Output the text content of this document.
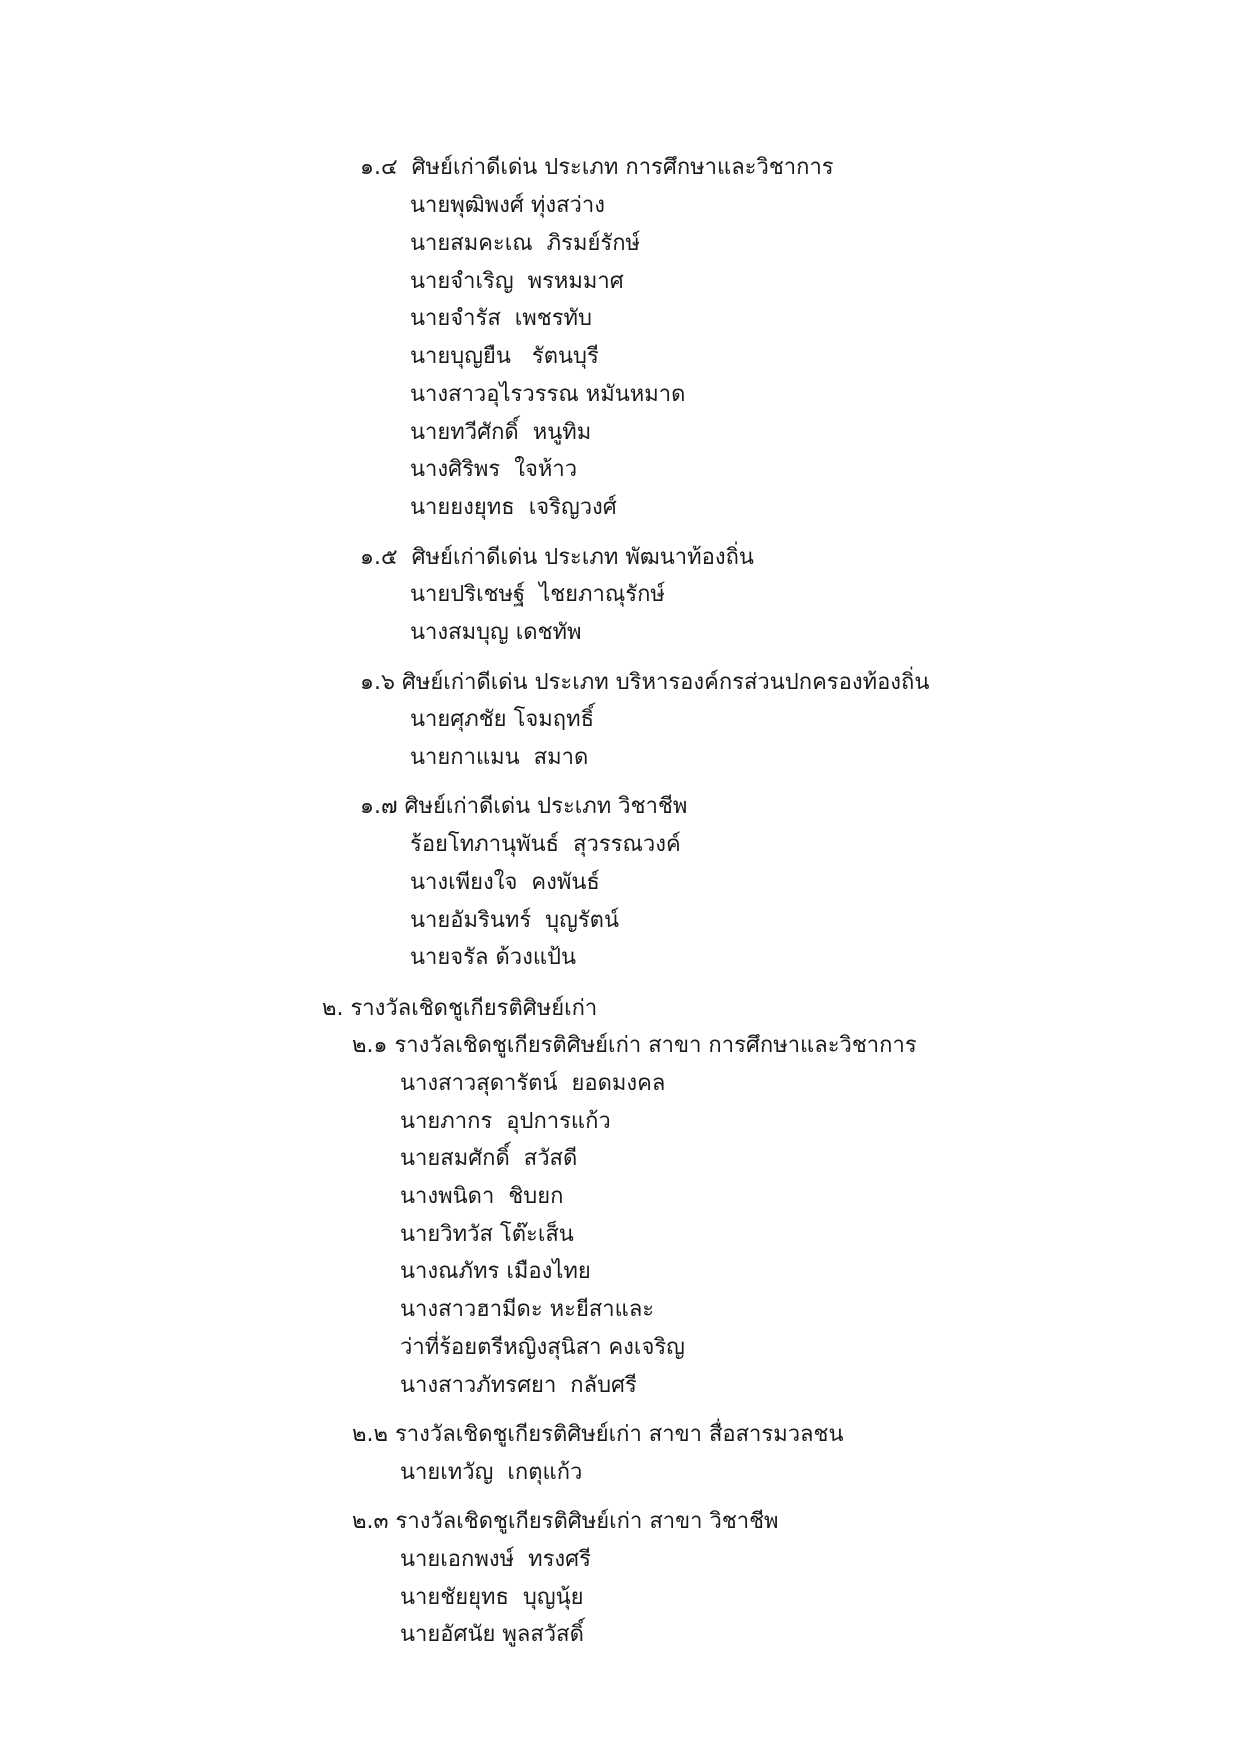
๑.๔  ศิษย์เก่าดีเด่น ประเภท การศึกษาและวิชาการ
นายพุฒิพงศ์ ทุ่งสว่าง
นายสมคะเณ  ภิรมย์รักษ์
นายจำเริญ  พรหมมาศ
นายจำรัส  เพชรทับ
นายบุญยืน   รัตนบุรี
นางสาวอุไรวรรณ หมันหมาด
นายทวีศักดิ์  หนูทิม
นางศิริพร  ใจห้าว
นายยงยุทธ  เจริญวงศ์
๑.๕  ศิษย์เก่าดีเด่น ประเภท พัฒนาท้องถิ่น
นายปริเชษฐ์  ไชยภาณุรักษ์
นางสมบุญ เดชทัพ
๑.๖ ศิษย์เก่าดีเด่น ประเภท บริหารองค์กรส่วนปกครองท้องถิ่น
นายศุภชัย โจมฤทธิ์
นายกาแมน  สมาด
๑.๗ ศิษย์เก่าดีเด่น ประเภท วิชาชีพ
ร้อยโทภานุพันธ์  สุวรรณวงค์
นางเพียงใจ  คงพันธ์
นายอัมรินทร์  บุญรัตน์
นายจรัล ด้วงแป้น
๒. รางวัลเชิดชูเกียรติศิษย์เก่า
๒.๑ รางวัลเชิดชูเกียรติศิษย์เก่า สาขา การศึกษาและวิชาการ
นางสาวสุดารัตน์  ยอดมงคล
นายภากร  อุปการแก้ว
นายสมศักดิ์  สวัสดี
นางพนิดา  ชิบยก
นายวิทวัส โต๊ะเส็น
นางณภัทร เมืองไทย
นางสาวฮามีดะ หะยีสาและ
ว่าที่ร้อยตรีหญิงสุนิสา คงเจริญ
นางสาวภัทรศยา  กลับศรี
๒.๒ รางวัลเชิดชูเกียรติศิษย์เก่า สาขา สื่อสารมวลชน
นายเทวัญ  เกตุแก้ว
๒.๓ รางวัลเชิดชูเกียรติศิษย์เก่า สาขา วิชาชีพ
นายเอกพงษ์  ทรงศรี
นายชัยยุทธ  บุญนุ้ย
นายอัศนัย พูลสวัสดิ์
